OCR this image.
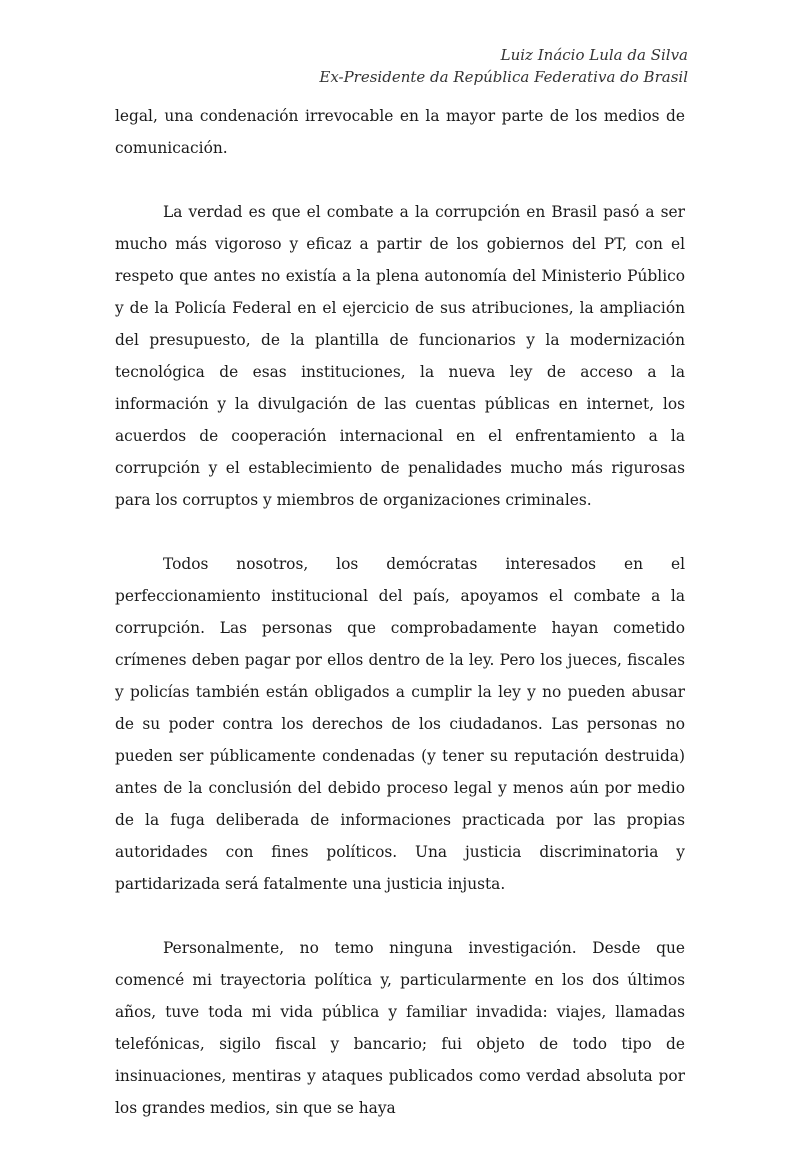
Luiz Inácio Lula da Silva
Ex-Presidente da República Federativa do Brasil

legal, una condenación irrevocable en la mayor parte de los medios de comunicación.

La verdad es que el combate a la corrupción en Brasil pasó a ser mucho más vigoroso y eficaz a partir de los gobiernos del PT, con el respeto que antes no existía a la plena autonomía del Ministerio Público y de la Policía Federal en el ejercicio de sus atribuciones, la ampliación del presupuesto, de la plantilla de funcionarios y la modernización tecnológica de esas instituciones, la nueva ley de acceso a la información y la divulgación de las cuentas públicas en internet, los acuerdos de cooperación internacional en el enfrentamiento a la corrupción y el establecimiento de penalidades mucho más rigurosas para los corruptos y miembros de organizaciones criminales.

Todos nosotros, los demócratas interesados en el perfeccionamiento institucional del país, apoyamos el combate a la corrupción. Las personas que comprobadamente hayan cometido crímenes deben pagar por ellos dentro de la ley. Pero los jueces, fiscales y policías también están obligados a cumplir la ley y no pueden abusar de su poder contra los derechos de los ciudadanos. Las personas no pueden ser públicamente condenadas (y tener su reputación destruida) antes de la conclusión del debido proceso legal y menos aún por medio de la fuga deliberada de informaciones practicada por las propias autoridades con fines políticos. Una justicia discriminatoria y partidarizada será fatalmente una justicia injusta.

Personalmente, no temo ninguna investigación. Desde que comencé mi trayectoria política y, particularmente en los dos últimos años, tuve toda mi vida pública y familiar invadida: viajes, llamadas telefónicas, sigilo fiscal y bancario; fui objeto de todo tipo de insinuaciones, mentiras y ataques publicados como verdad absoluta por los grandes medios, sin que se haya
